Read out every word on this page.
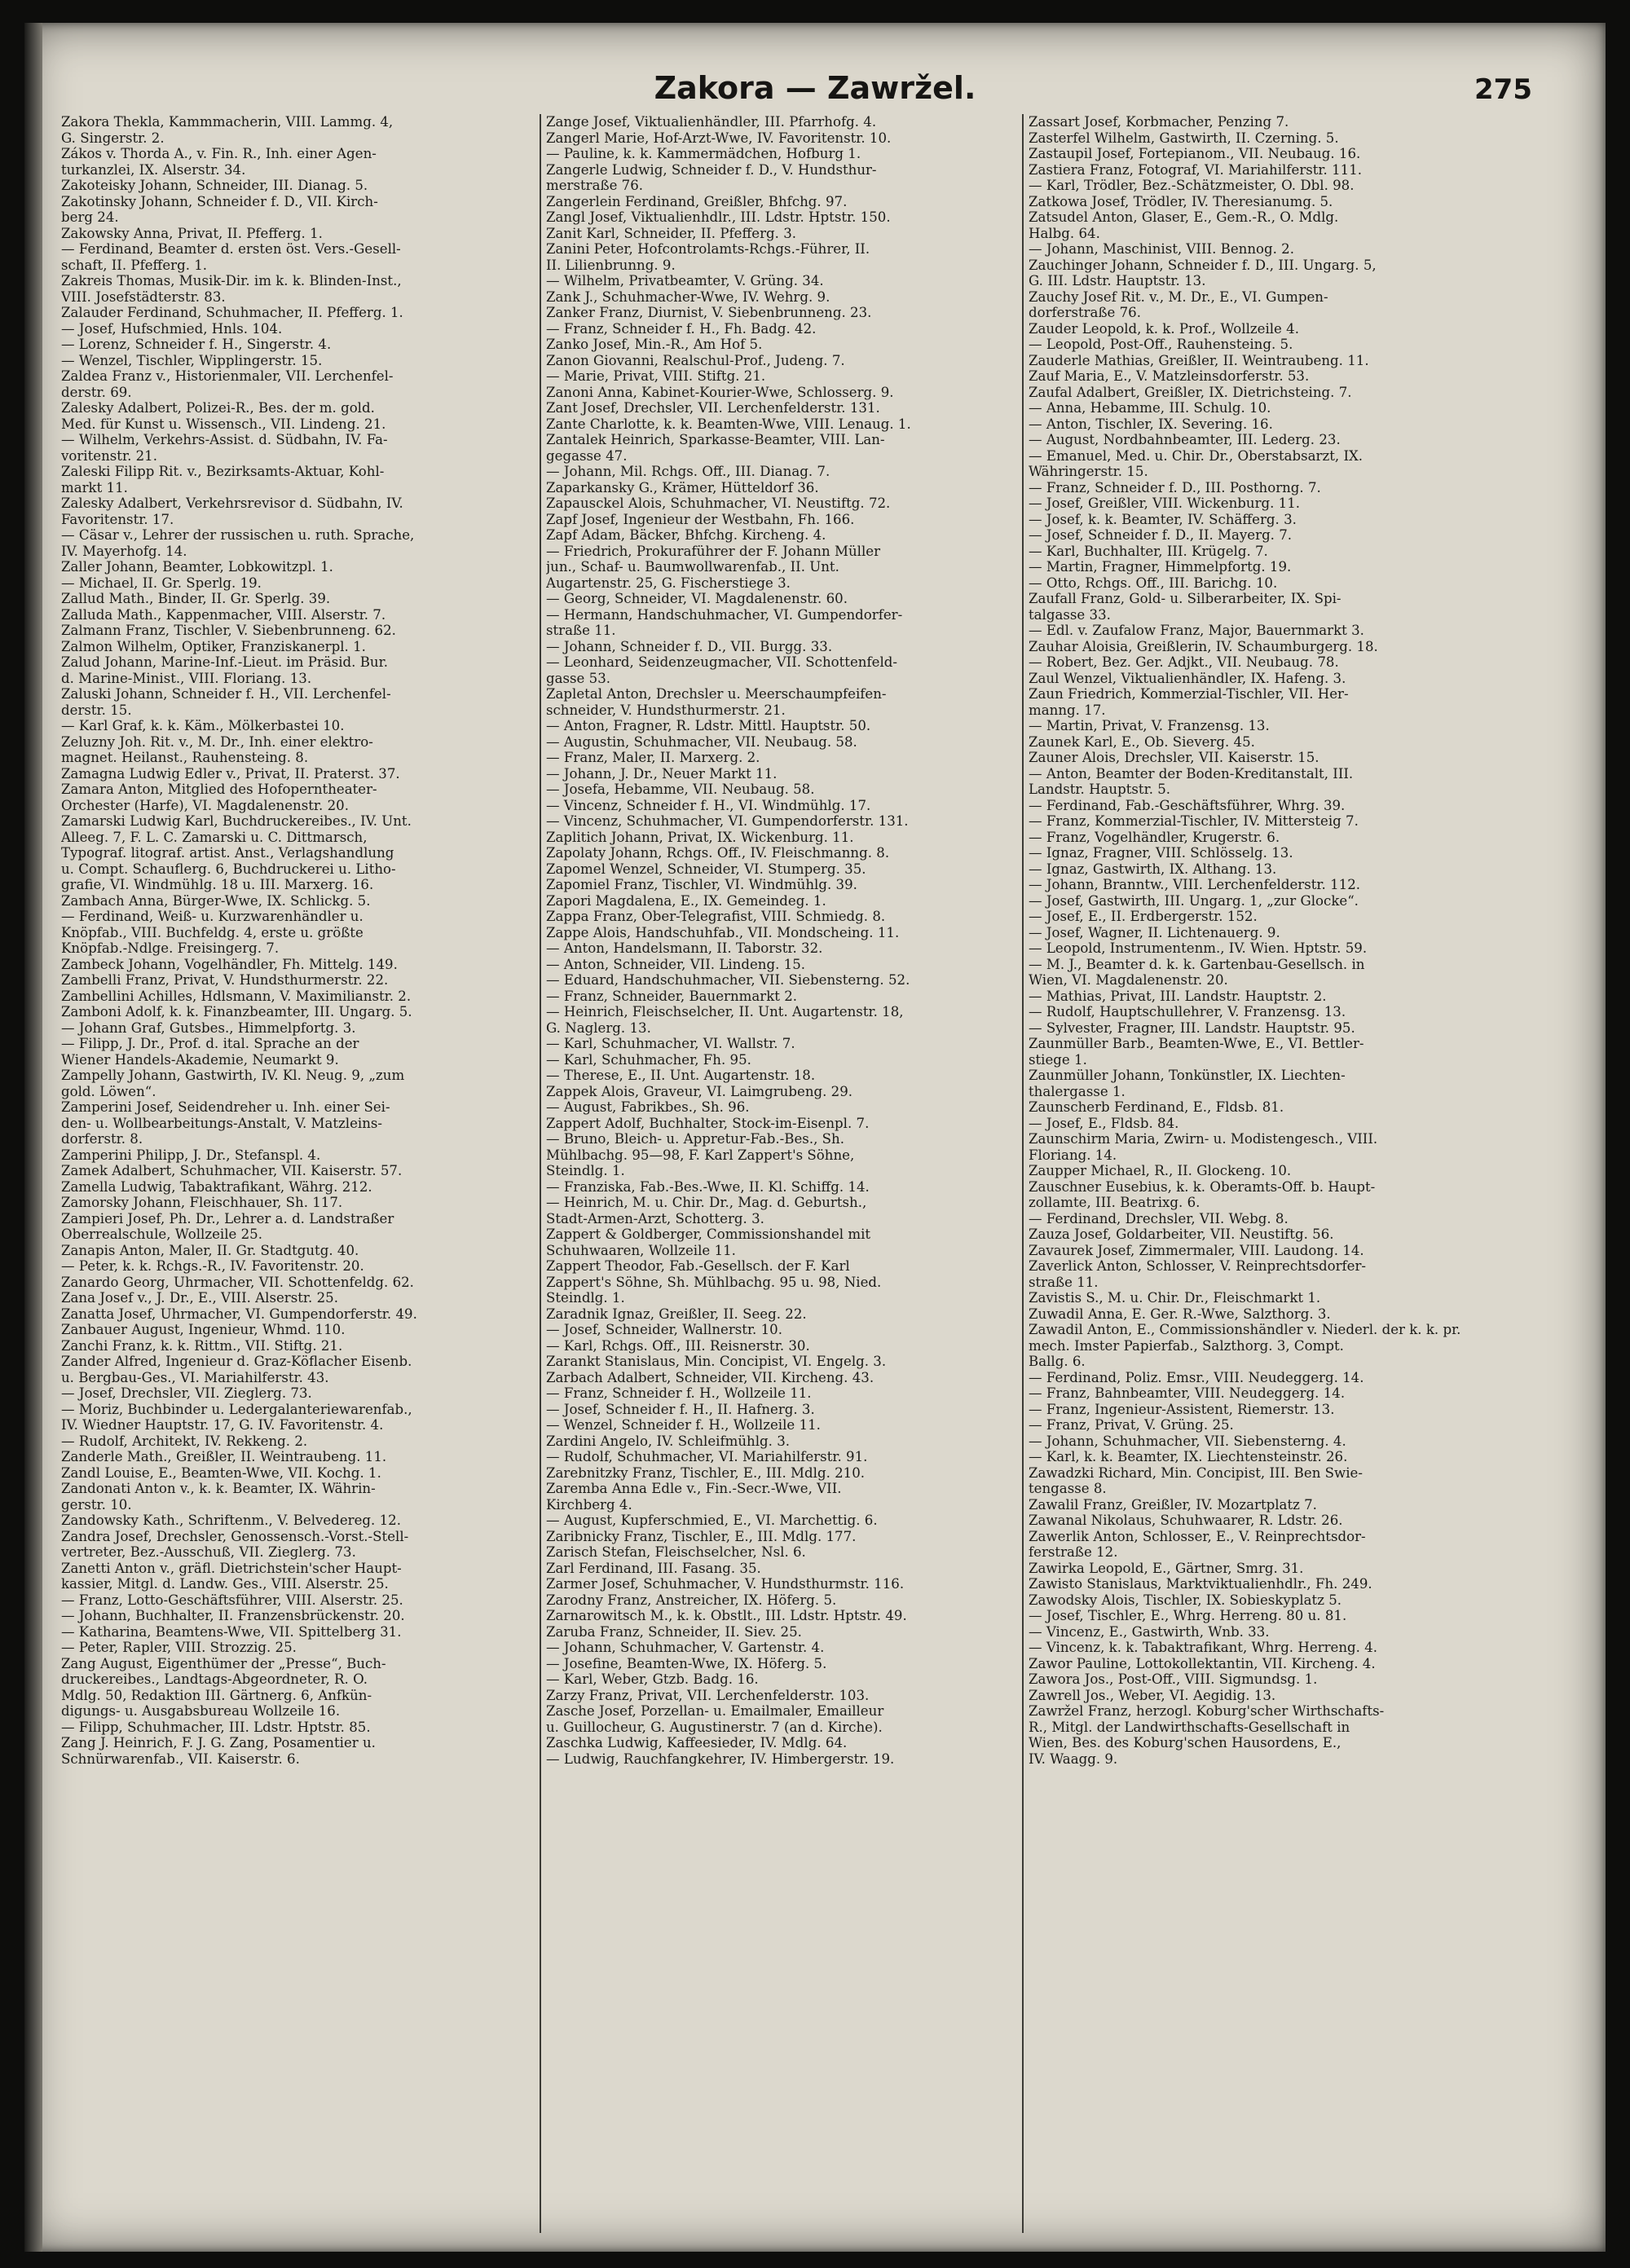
Zakora — Zawržel.	275
Zakora Thekla, Kammmacherin, VIII. Lammg. 4,
G. Singerstr. 2.
Zákos v. Thorda A., v. Fin. R., Inh. einer Agen-
turkanzlei, IX. Alserstr. 34.
Zakoteisky Johann, Schneider, III. Dianag. 5.
Zakotinsky Johann, Schneider f. D., VII. Kirch-
berg 24.
Zakowsky Anna, Privat, II. Pfefferg. 1.
— Ferdinand, Beamter d. ersten öst. Vers.-Gesell-
schaft, II. Pfefferg. 1.
Zakreis Thomas, Musik-Dir. im k. k. Blinden-Inst.,
VIII. Josefstädterstr. 83.
Zalauder Ferdinand, Schuhmacher, II. Pfefferg. 1.
— Josef, Hufschmied, Hnls. 104.
— Lorenz, Schneider f. H., Singerstr. 4.
— Wenzel, Tischler, Wipplingerstr. 15.
Zaldea Franz v., Historienmaler, VII. Lerchenfel-
derstr. 69.
Zalesky Adalbert, Polizei-R., Bes. der m. gold.
Med. für Kunst u. Wissensch., VII. Lindeng. 21.
— Wilhelm, Verkehrs-Assist. d. Südbahn, IV. Fa-
voritenstr. 21.
Zaleski Filipp Rit. v., Bezirksamts-Aktuar, Kohl-
markt 11.
Zalesky Adalbert, Verkehrsrevisor d. Südbahn, IV.
Favoritenstr. 17.
— Cäsar v., Lehrer der russischen u. ruth. Sprache,
IV. Mayerhofg. 14.
Zaller Johann, Beamter, Lobkowitzpl. 1.
— Michael, II. Gr. Sperlg. 19.
Zallud Math., Binder, II. Gr. Sperlg. 39.
Zalluda Math., Kappenmacher, VIII. Alserstr. 7.
Zalmann Franz, Tischler, V. Siebenbrunneng. 62.
Zalmon Wilhelm, Optiker, Franziskanerpl. 1.
Zalud Johann, Marine-Inf.-Lieut. im Präsid. Bur.
d. Marine-Minist., VIII. Floriang. 13.
Zaluski Johann, Schneider f. H., VII. Lerchenfel-
derstr. 15.
— Karl Graf, k. k. Käm., Mölkerbastei 10.
Zeluzny Joh. Rit. v., M. Dr., Inh. einer elektro-
magnet. Heilanst., Rauhensteing. 8.
Zamagna Ludwig Edler v., Privat, II. Praterst. 37.
Zamara Anton, Mitglied des Hofoperntheater-
Orchester (Harfe), VI. Magdalenenstr. 20.
Zamarski Ludwig Karl, Buchdruckereibes., IV. Unt.
Alleeg. 7, F. L. C. Zamarski u. C. Dittmarsch,
Typograf. litograf. artist. Anst., Verlagshandlung
u. Compt. Schauflerg. 6, Buchdruckerei u. Litho-
grafie, VI. Windmühlg. 18 u. III. Marxerg. 16.
Zambach Anna, Bürger-Wwe, IX. Schlickg. 5.
— Ferdinand, Weiß- u. Kurzwarenhändler u.
Knöpfab., VIII. Buchfeldg. 4, erste u. größte
Knöpfab.-Ndlge. Freisingerg. 7.
Zambeck Johann, Vogelhändler, Fh. Mittelg. 149.
Zambelli Franz, Privat, V. Hundsthurmerstr. 22.
Zambellini Achilles, Hdlsmann, V. Maximilianstr. 2.
Zamboni Adolf, k. k. Finanzbeamter, III. Ungarg. 5.
— Johann Graf, Gutsbes., Himmelpfortg. 3.
— Filipp, J. Dr., Prof. d. ital. Sprache an der
Wiener Handels-Akademie, Neumarkt 9.
Zampelly Johann, Gastwirth, IV. Kl. Neug. 9, „zum
gold. Löwen“.
Zamperini Josef, Seidendreher u. Inh. einer Sei-
den- u. Wollbearbeitungs-Anstalt, V. Matzleins-
dorferstr. 8.
Zamperini Philipp, J. Dr., Stefanspl. 4.
Zamek Adalbert, Schuhmacher, VII. Kaiserstr. 57.
Zamella Ludwig, Tabaktrafikant, Währg. 212.
Zamorsky Johann, Fleischhauer, Sh. 117.
Zampieri Josef, Ph. Dr., Lehrer a. d. Landstraßer
Oberrealschule, Wollzeile 25.
Zanapis Anton, Maler, II. Gr. Stadtgutg. 40.
— Peter, k. k. Rchgs.-R., IV. Favoritenstr. 20.
Zanardo Georg, Uhrmacher, VII. Schottenfeldg. 62.
Zana Josef v., J. Dr., E., VIII. Alserstr. 25.
Zanatta Josef, Uhrmacher, VI. Gumpendorferstr. 49.
Zanbauer August, Ingenieur, Whmd. 110.
Zanchi Franz, k. k. Rittm., VII. Stiftg. 21.
Zander Alfred, Ingenieur d. Graz-Köflacher Eisenb.
u. Bergbau-Ges., VI. Mariahilferstr. 43.
— Josef, Drechsler, VII. Zieglerg. 73.
— Moriz, Buchbinder u. Ledergalanteriewarenfab.,
IV. Wiedner Hauptstr. 17, G. IV. Favoritenstr. 4.
— Rudolf, Architekt, IV. Rekkeng. 2.
Zanderle Math., Greißler, II. Weintraubeng. 11.
Zandl Louise, E., Beamten-Wwe, VII. Kochg. 1.
Zandonati Anton v., k. k. Beamter, IX. Währin-
gerstr. 10.
Zandowsky Kath., Schriftenm., V. Belvedereg. 12.
Zandra Josef, Drechsler, Genossensch.-Vorst.-Stell-
vertreter, Bez.-Ausschuß, VII. Zieglerg. 73.
Zanetti Anton v., gräfl. Dietrichstein'scher Haupt-
kassier, Mitgl. d. Landw. Ges., VIII. Alserstr. 25.
— Franz, Lotto-Geschäftsführer, VIII. Alserstr. 25.
— Johann, Buchhalter, II. Franzensbrückenstr. 20.
— Katharina, Beamtens-Wwe, VII. Spittelberg 31.
— Peter, Rapler, VIII. Strozzig. 25.
Zang August, Eigenthümer der „Presse“, Buch-
druckereibes., Landtags-Abgeordneter, R. O.
Mdlg. 50, Redaktion III. Gärtnerg. 6, Anfkün-
digungs- u. Ausgabsbureau Wollzeile 16.
— Filipp, Schuhmacher, III. Ldstr. Hptstr. 85.
Zang J. Heinrich, F. J. G. Zang, Posamentier u.
Schnürwarenfab., VII. Kaiserstr. 6.
Zange Josef, Viktualienhändler, III. Pfarrhofg. 4.
Zangerl Marie, Hof-Arzt-Wwe, IV. Favoritenstr. 10.
— Pauline, k. k. Kammermädchen, Hofburg 1.
Zangerle Ludwig, Schneider f. D., V. Hundsthur-
merstraße 76.
Zangerlein Ferdinand, Greißler, Bhfchg. 97.
Zangl Josef, Viktualienhdlr., III. Ldstr. Hptstr. 150.
Zanit Karl, Schneider, II. Pfefferg. 3.
Zanini Peter, Hofcontrolamts-Rchgs.-Führer, II.
II. Lilienbrunng. 9.
— Wilhelm, Privatbeamter, V. Grüng. 34.
Zank J., Schuhmacher-Wwe, IV. Wehrg. 9.
Zanker Franz, Diurnist, V. Siebenbrunneng. 23.
— Franz, Schneider f. H., Fh. Badg. 42.
Zanko Josef, Min.-R., Am Hof 5.
Zanon Giovanni, Realschul-Prof., Judeng. 7.
— Marie, Privat, VIII. Stiftg. 21.
Zanoni Anna, Kabinet-Kourier-Wwe, Schlosserg. 9.
Zant Josef, Drechsler, VII. Lerchenfelderstr. 131.
Zante Charlotte, k. k. Beamten-Wwe, VIII. Lenaug. 1.
Zantalek Heinrich, Sparkasse-Beamter, VIII. Lan-
gegasse 47.
— Johann, Mil. Rchgs. Off., III. Dianag. 7.
Zaparkansky G., Krämer, Hütteldorf 36.
Zapausckel Alois, Schuhmacher, VI. Neustiftg. 72.
Zapf Josef, Ingenieur der Westbahn, Fh. 166.
Zapf Adam, Bäcker, Bhfchg. Kircheng. 4.
— Friedrich, Prokuraführer der F. Johann Müller
jun., Schaf- u. Baumwollwarenfab., II. Unt.
Augartenstr. 25, G. Fischerstiege 3.
— Georg, Schneider, VI. Magdalenenstr. 60.
— Hermann, Handschuhmacher, VI. Gumpendorfer-
straße 11.
— Johann, Schneider f. D., VII. Burgg. 33.
— Leonhard, Seidenzeugmacher, VII. Schottenfeld-
gasse 53.
Zapletal Anton, Drechsler u. Meerschaumpfeifen-
schneider, V. Hundsthurmerstr. 21.
— Anton, Fragner, R. Ldstr. Mittl. Hauptstr. 50.
— Augustin, Schuhmacher, VII. Neubaug. 58.
— Franz, Maler, II. Marxerg. 2.
— Johann, J. Dr., Neuer Markt 11.
— Josefa, Hebamme, VII. Neubaug. 58.
— Vincenz, Schneider f. H., VI. Windmühlg. 17.
— Vincenz, Schuhmacher, VI. Gumpendorferstr. 131.
Zaplitich Johann, Privat, IX. Wickenburg. 11.
Zapolaty Johann, Rchgs. Off., IV. Fleischmanng. 8.
Zapomel Wenzel, Schneider, VI. Stumperg. 35.
Zapomiel Franz, Tischler, VI. Windmühlg. 39.
Zapori Magdalena, E., IX. Gemeindeg. 1.
Zappa Franz, Ober-Telegrafist, VIII. Schmiedg. 8.
Zappe Alois, Handschuhfab., VII. Mondscheing. 11.
— Anton, Handelsmann, II. Taborstr. 32.
— Anton, Schneider, VII. Lindeng. 15.
— Eduard, Handschuhmacher, VII. Siebensterng. 52.
— Franz, Schneider, Bauernmarkt 2.
— Heinrich, Fleischselcher, II. Unt. Augartenstr. 18,
G. Naglerg. 13.
— Karl, Schuhmacher, VI. Wallstr. 7.
— Karl, Schuhmacher, Fh. 95.
— Therese, E., II. Unt. Augartenstr. 18.
Zappek Alois, Graveur, VI. Laimgrubeng. 29.
— August, Fabrikbes., Sh. 96.
Zappert Adolf, Buchhalter, Stock-im-Eisenpl. 7.
— Bruno, Bleich- u. Appretur-Fab.-Bes., Sh.
Mühlbachg. 95—98, F. Karl Zappert's Söhne,
Steindlg. 1.
— Franziska, Fab.-Bes.-Wwe, II. Kl. Schiffg. 14.
— Heinrich, M. u. Chir. Dr., Mag. d. Geburtsh.,
Stadt-Armen-Arzt, Schotterg. 3.
Zappert & Goldberger, Commissionshandel mit
Schuhwaaren, Wollzeile 11.
Zappert Theodor, Fab.-Gesellsch. der F. Karl
Zappert's Söhne, Sh. Mühlbachg. 95 u. 98, Nied.
Steindlg. 1.
Zaradnik Ignaz, Greißler, II. Seeg. 22.
— Josef, Schneider, Wallnerstr. 10.
— Karl, Rchgs. Off., III. Reisnerstr. 30.
Zarankt Stanislaus, Min. Concipist, VI. Engelg. 3.
Zarbach Adalbert, Schneider, VII. Kircheng. 43.
— Franz, Schneider f. H., Wollzeile 11.
— Josef, Schneider f. H., II. Hafnerg. 3.
— Wenzel, Schneider f. H., Wollzeile 11.
Zardini Angelo, IV. Schleifmühlg. 3.
— Rudolf, Schuhmacher, VI. Mariahilferstr. 91.
Zarebnitzky Franz, Tischler, E., III. Mdlg. 210.
Zaremba Anna Edle v., Fin.-Secr.-Wwe, VII.
Kirchberg 4.
— August, Kupferschmied, E., VI. Marchettig. 6.
Zaribnicky Franz, Tischler, E., III. Mdlg. 177.
Zarisch Stefan, Fleischselcher, Nsl. 6.
Zarl Ferdinand, III. Fasang. 35.
Zarmer Josef, Schuhmacher, V. Hundsthurmstr. 116.
Zarodny Franz, Anstreicher, IX. Höferg. 5.
Zarnarowitsch M., k. k. Obstlt., III. Ldstr. Hptstr. 49.
Zaruba Franz, Schneider, II. Siev. 25.
— Johann, Schuhmacher, V. Gartenstr. 4.
— Josefine, Beamten-Wwe, IX. Höferg. 5.
— Karl, Weber, Gtzb. Badg. 16.
Zarzy Franz, Privat, VII. Lerchenfelderstr. 103.
Zasche Josef, Porzellan- u. Emailmaler, Emailleur
u. Guillocheur, G. Augustinerstr. 7 (an d. Kirche).
Zaschka Ludwig, Kaffeesieder, IV. Mdlg. 64.
— Ludwig, Rauchfangkehrer, IV. Himbergerstr. 19.
Zassart Josef, Korbmacher, Penzing 7.
Zasterfel Wilhelm, Gastwirth, II. Czerning. 5.
Zastaupil Josef, Fortepianom., VII. Neubaug. 16.
Zastiera Franz, Fotograf, VI. Mariahilferstr. 111.
— Karl, Trödler, Bez.-Schätzmeister, O. Dbl. 98.
Zatkowa Josef, Trödler, IV. Theresianumg. 5.
Zatsudel Anton, Glaser, E., Gem.-R., O. Mdlg.
Halbg. 64.
— Johann, Maschinist, VIII. Bennog. 2.
Zauchinger Johann, Schneider f. D., III. Ungarg. 5,
G. III. Ldstr. Hauptstr. 13.
Zauchy Josef Rit. v., M. Dr., E., VI. Gumpen-
dorferstraße 76.
Zauder Leopold, k. k. Prof., Wollzeile 4.
— Leopold, Post-Off., Rauhensteing. 5.
Zauderle Mathias, Greißler, II. Weintraubeng. 11.
Zauf Maria, E., V. Matzleinsdorferstr. 53.
Zaufal Adalbert, Greißler, IX. Dietrichsteing. 7.
— Anna, Hebamme, III. Schulg. 10.
— Anton, Tischler, IX. Severing. 16.
— August, Nordbahnbeamter, III. Lederg. 23.
— Emanuel, Med. u. Chir. Dr., Oberstabsarzt, IX.
Währingerstr. 15.
— Franz, Schneider f. D., III. Posthorng. 7.
— Josef, Greißler, VIII. Wickenburg. 11.
— Josef, k. k. Beamter, IV. Schäfferg. 3.
— Josef, Schneider f. D., II. Mayerg. 7.
— Karl, Buchhalter, III. Krügelg. 7.
— Martin, Fragner, Himmelpfortg. 19.
— Otto, Rchgs. Off., III. Barichg. 10.
Zaufall Franz, Gold- u. Silberarbeiter, IX. Spi-
talgasse 33.
— Edl. v. Zaufalow Franz, Major, Bauernmarkt 3.
Zauhar Aloisia, Greißlerin, IV. Schaumburgerg. 18.
— Robert, Bez. Ger. Adjkt., VII. Neubaug. 78.
Zaul Wenzel, Viktualienhändler, IX. Hafeng. 3.
Zaun Friedrich, Kommerzial-Tischler, VII. Her-
manng. 17.
— Martin, Privat, V. Franzensg. 13.
Zaunek Karl, E., Ob. Sieverg. 45.
Zauner Alois, Drechsler, VII. Kaiserstr. 15.
— Anton, Beamter der Boden-Kreditanstalt, III.
Landstr. Hauptstr. 5.
— Ferdinand, Fab.-Geschäftsführer, Whrg. 39.
— Franz, Kommerzial-Tischler, IV. Mittersteig 7.
— Franz, Vogelhändler, Krugerstr. 6.
— Ignaz, Fragner, VIII. Schlösselg. 13.
— Ignaz, Gastwirth, IX. Althang. 13.
— Johann, Branntw., VIII. Lerchenfelderstr. 112.
— Josef, Gastwirth, III. Ungarg. 1, „zur Glocke“.
— Josef, E., II. Erdbergerstr. 152.
— Josef, Wagner, II. Lichtenauerg. 9.
— Leopold, Instrumentenm., IV. Wien. Hptstr. 59.
— M. J., Beamter d. k. k. Gartenbau-Gesellsch. in
Wien, VI. Magdalenenstr. 20.
— Mathias, Privat, III. Landstr. Hauptstr. 2.
— Rudolf, Hauptschullehrer, V. Franzensg. 13.
— Sylvester, Fragner, III. Landstr. Hauptstr. 95.
Zaunmüller Barb., Beamten-Wwe, E., VI. Bettler-
stiege 1.
Zaunmüller Johann, Tonkünstler, IX. Liechten-
thalergasse 1.
Zaunscherb Ferdinand, E., Fldsb. 81.
— Josef, E., Fldsb. 84.
Zaunschirm Maria, Zwirn- u. Modistengesch., VIII.
Floriang. 14.
Zaupper Michael, R., II. Glockeng. 10.
Zauschner Eusebius, k. k. Oberamts-Off. b. Haupt-
zollamte, III. Beatrixg. 6.
— Ferdinand, Drechsler, VII. Webg. 8.
Zauza Josef, Goldarbeiter, VII. Neustiftg. 56.
Zavaurek Josef, Zimmermaler, VIII. Laudong. 14.
Zaverlick Anton, Schlosser, V. Reinprechtsdorfer-
straße 11.
Zavistis S., M. u. Chir. Dr., Fleischmarkt 1.
Zuwadil Anna, E. Ger. R.-Wwe, Salzthorg. 3.
Zawadil Anton, E., Commissionshändler v. Niederl. der k. k. pr.
mech. Imster Papierfab., Salzthorg. 3, Compt.
Ballg. 6.
— Ferdinand, Poliz. Emsr., VIII. Neudeggerg. 14.
— Franz, Bahnbeamter, VIII. Neudeggerg. 14.
— Franz, Ingenieur-Assistent, Riemerstr. 13.
— Franz, Privat, V. Grüng. 25.
— Johann, Schuhmacher, VII. Siebensterng. 4.
— Karl, k. k. Beamter, IX. Liechtensteinstr. 26.
Zawadzki Richard, Min. Concipist, III. Ben Swie-
tengasse 8.
Zawalil Franz, Greißler, IV. Mozartplatz 7.
Zawanal Nikolaus, Schuhwaarer, R. Ldstr. 26.
Zawerlik Anton, Schlosser, E., V. Reinprechtsdor-
ferstraße 12.
Zawirka Leopold, E., Gärtner, Smrg. 31.
Zawisto Stanislaus, Marktviktualienhdlr., Fh. 249.
Zawodsky Alois, Tischler, IX. Sobieskyplatz 5.
— Josef, Tischler, E., Whrg. Herreng. 80 u. 81.
— Vincenz, E., Gastwirth, Wnb. 33.
— Vincenz, k. k. Tabaktrafikant, Whrg. Herreng. 4.
Zawor Pauline, Lottokollektantin, VII. Kircheng. 4.
Zawora Jos., Post-Off., VIII. Sigmundsg. 1.
Zawrell Jos., Weber, VI. Aegidig. 13.
Zawržel Franz, herzogl. Koburg'scher Wirthschafts-
R., Mitgl. der Landwirthschafts-Gesellschaft in
Wien, Bes. des Koburg'schen Hausordens, E.,
IV. Waagg. 9.
